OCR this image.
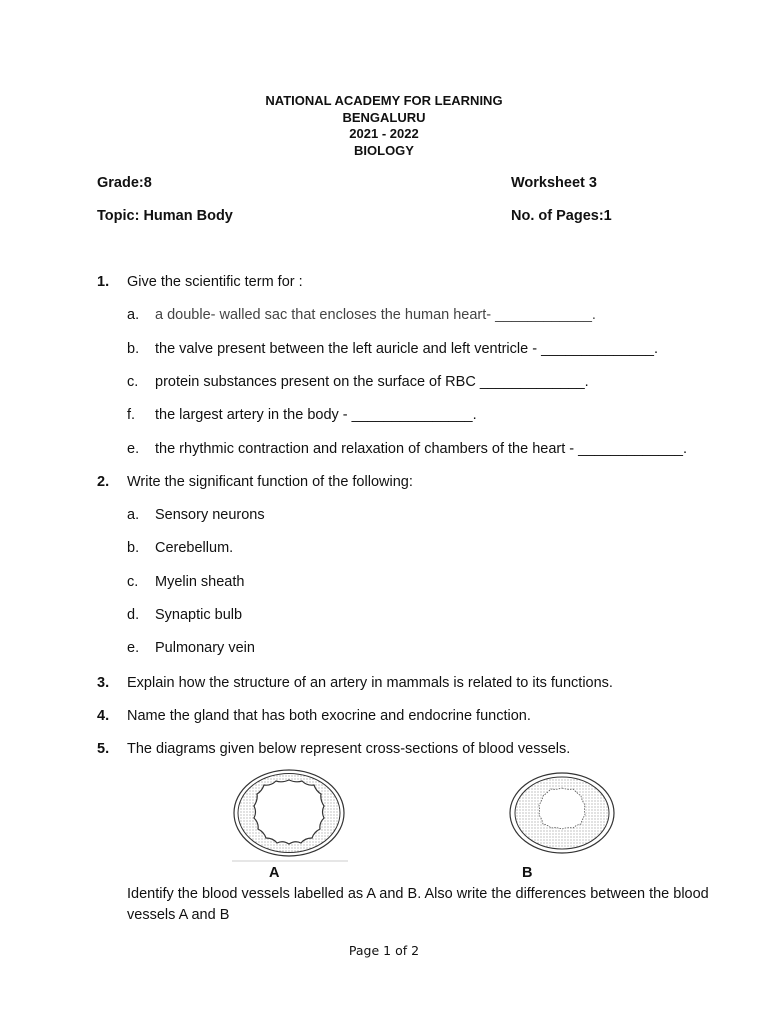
NATIONAL ACADEMY FOR LEARNING
BENGALURU
2021 - 2022
BIOLOGY
Grade:8	Worksheet 3
Topic: Human Body	No. of Pages:1
1. Give the scientific term for :
a. a double- walled sac that encloses the human heart- ____________.
b. the valve present between the left auricle and left ventricle - ______________.
c. protein substances present on the surface of RBC _____________.
f. the largest artery in the body - _______________.
e. the rhythmic contraction and relaxation of chambers of the heart - _____________.
2. Write the significant function of the following:
a. Sensory neurons
b. Cerebellum.
c. Myelin sheath
d. Synaptic bulb
e. Pulmonary vein
3. Explain how the structure of an artery in mammals is related to its functions.
4. Name the gland that has both exocrine and endocrine function.
5. The diagrams given below represent cross-sections of blood vessels.
A	B
Identify the blood vessels labelled as A and B. Also write the differences between the blood vessels A and B
Page 1 of 2
